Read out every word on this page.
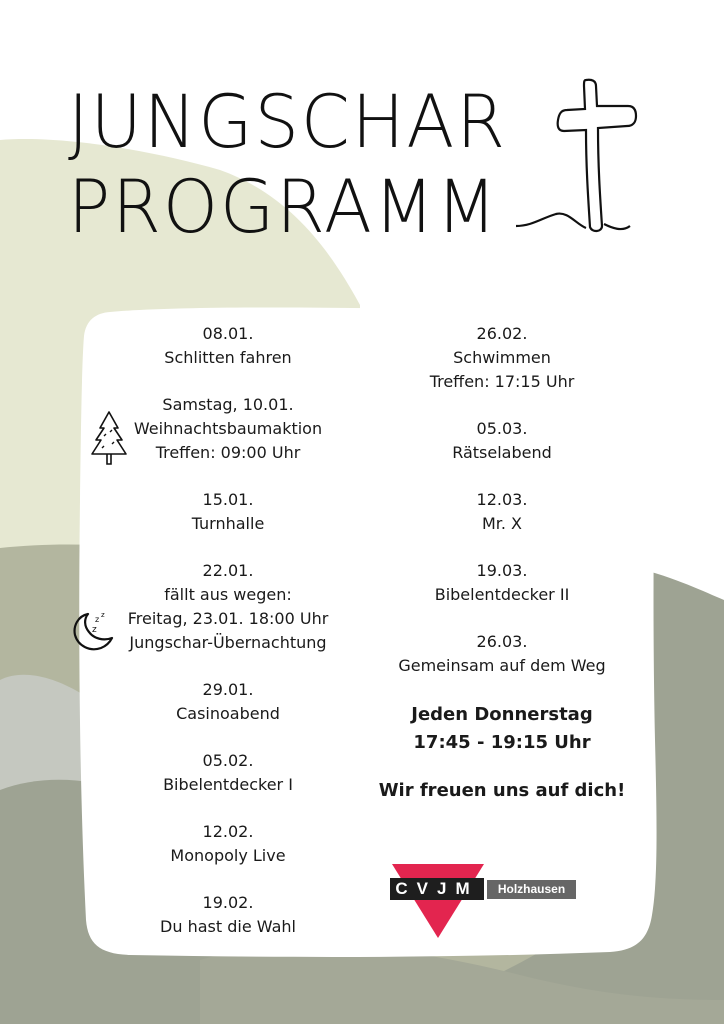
JUNGSCHAR
PROGRAMM
z z
z
08.01.
Schlitten fahren
Samstag, 10.01.
Weihnachtsbaumaktion
Treffen: 09:00 Uhr
15.01.
Turnhalle
22.01.
fällt aus wegen:
Freitag, 23.01. 18:00 Uhr
Jungschar-Übernachtung
29.01.
Casinoabend
05.02.
Bibelentdecker I
12.02.
Monopoly Live
19.02.
Du hast die Wahl
26.02.
Schwimmen
Treffen: 17:15 Uhr
05.03.
Rätselabend
12.03.
Mr. X
19.03.
Bibelentdecker II
26.03.
Gemeinsam auf dem Weg
Jeden Donnerstag
17:45 - 19:15 Uhr
Wir freuen uns auf dich!
CVJM	Holzhausen
